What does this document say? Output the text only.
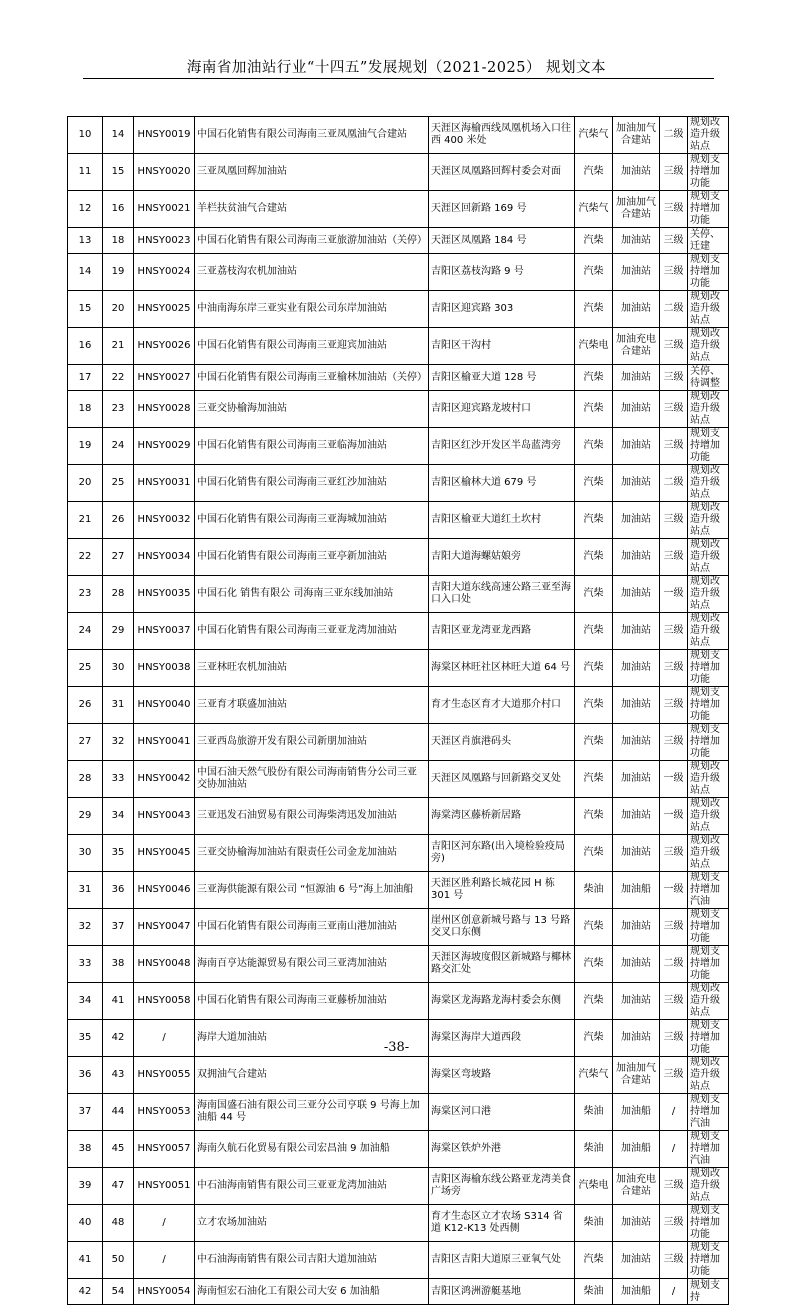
海南省加油站行业“十四五”发展规划（2021-2025） 规划文本
10	14	HNSY0019	中国石化销售有限公司海南三亚凤凰油气合建站	天涯区海榆西线凤凰机场入口往西 400 米处	汽柴气	加油加气合建站	二级	规划改造升级站点
11	15	HNSY0020	三亚凤凰回辉加油站	天涯区凤凰路回辉村委会对面	汽柴	加油站	三级	规划支持增加功能
12	16	HNSY0021	羊栏扶贫油气合建站	天涯区回新路 169 号	汽柴气	加油加气合建站	三级	规划支持增加功能
13	18	HNSY0023	中国石化销售有限公司海南三亚旅游加油站（关停）	天涯区凤凰路 184 号	汽柴	加油站	三级	关停、迁建
14	19	HNSY0024	三亚荔枝沟农机加油站	吉阳区荔枝沟路 9 号	汽柴	加油站	三级	规划支持增加功能
15	20	HNSY0025	中油南海东岸三亚实业有限公司东岸加油站	吉阳区迎宾路 303	汽柴	加油站	二级	规划改造升级站点
16	21	HNSY0026	中国石化销售有限公司海南三亚迎宾加油站	吉阳区干沟村	汽柴电	加油充电合建站	三级	规划改造升级站点
17	22	HNSY0027	中国石化销售有限公司海南三亚榆林加油站（关停）	吉阳区榆亚大道 128 号	汽柴	加油站	三级	关停、待调整
18	23	HNSY0028	三亚交协榆海加油站	吉阳区迎宾路龙坡村口	汽柴	加油站	三级	规划改造升级站点
19	24	HNSY0029	中国石化销售有限公司海南三亚临海加油站	吉阳区红沙开发区半岛蓝湾旁	汽柴	加油站	三级	规划支持增加功能
20	25	HNSY0031	中国石化销售有限公司海南三亚红沙加油站	吉阳区榆林大道 679 号	汽柴	加油站	二级	规划改造升级站点
21	26	HNSY0032	中国石化销售有限公司海南三亚海城加油站	吉阳区榆亚大道红土坎村	汽柴	加油站	三级	规划改造升级站点
22	27	HNSY0034	中国石化销售有限公司海南三亚亭新加油站	吉阳大道海螺姑娘旁	汽柴	加油站	三级	规划改造升级站点
23	28	HNSY0035	中国石化 销售有限公 司海南三亚东线加油站	吉阳大道东线高速公路三亚至海口入口处	汽柴	加油站	一级	规划改造升级站点
24	29	HNSY0037	中国石化销售有限公司海南三亚亚龙湾加油站	吉阳区亚龙湾亚龙西路	汽柴	加油站	三级	规划改造升级站点
25	30	HNSY0038	三亚林旺农机加油站	海棠区林旺社区林旺大道 64 号	汽柴	加油站	三级	规划支持增加功能
26	31	HNSY0040	三亚育才联盛加油站	育才生态区育才大道那介村口	汽柴	加油站	三级	规划支持增加功能
27	32	HNSY0041	三亚西岛旅游开发有限公司新朋加油站	天涯区肖旗港码头	汽柴	加油站	三级	规划支持增加功能
28	33	HNSY0042	中国石油天然气股份有限公司海南销售分公司三亚交协加油站	天涯区凤凰路与回新路交叉处	汽柴	加油站	一级	规划改造升级站点
29	34	HNSY0043	三亚迅发石油贸易有限公司海柴湾迅发加油站	海棠湾区藤桥新居路	汽柴	加油站	一级	规划改造升级站点
30	35	HNSY0045	三亚交协榆海加油站有限责任公司金龙加油站	吉阳区河东路(出入境检验疫局旁)	汽柴	加油站	三级	规划改造升级站点
31	36	HNSY0046	三亚海供能源有限公司 “恒源油 6 号”海上加油船	天涯区胜利路长城花园 H 栋 301 号	柴油	加油船	一级	规划支持增加汽油
32	37	HNSY0047	中国石化销售有限公司海南三亚南山港加油站	崖州区创意新城号路与 13 号路交叉口东侧	汽柴	加油站	三级	规划支持增加功能
33	38	HNSY0048	海南百亨达能源贸易有限公司三亚湾加油站	天涯区海坡度假区新城路与椰林路交汇处	汽柴	加油站	二级	规划支持增加功能
34	41	HNSY0058	中国石化销售有限公司海南三亚藤桥加油站	海棠区龙海路龙海村委会东侧	汽柴	加油站	三级	规划改造升级站点
35	42	/	海岸大道加油站	海棠区海岸大道西段	汽柴	加油站	三级	规划支持增加功能
36	43	HNSY0055	双拥油气合建站	海棠区弯坡路	汽柴气	加油加气合建站	三级	规划改造升级站点
37	44	HNSY0053	海南国盛石油有限公司三亚分公司亨联 9 号海上加油船 44 号	海棠区河口港	柴油	加油船	/	规划支持增加汽油
38	45	HNSY0057	海南久航石化贸易有限公司宏昌油 9 加油船	海棠区铁炉外港	柴油	加油船	/	规划支持增加汽油
39	47	HNSY0051	中石油海南销售有限公司三亚亚龙湾加油站	吉阳区海榆东线公路亚龙湾美食广场旁	汽柴电	加油充电合建站	三级	规划改造升级站点
40	48	/	立才农场加油站	育才生态区立才农场 S314 省道 K12-K13 处西侧	柴油	加油站	三级	规划支持增加功能
41	50	/	中石油海南销售有限公司吉阳大道加油站	吉阳区吉阳大道原三亚氧气处	汽柴	加油站	三级	规划支持增加功能
42	54	HNSY0054	海南恒宏石油化工有限公司大安 6 加油船	吉阳区鸿洲游艇基地	柴油	加油船	/	规划支持
-38-
